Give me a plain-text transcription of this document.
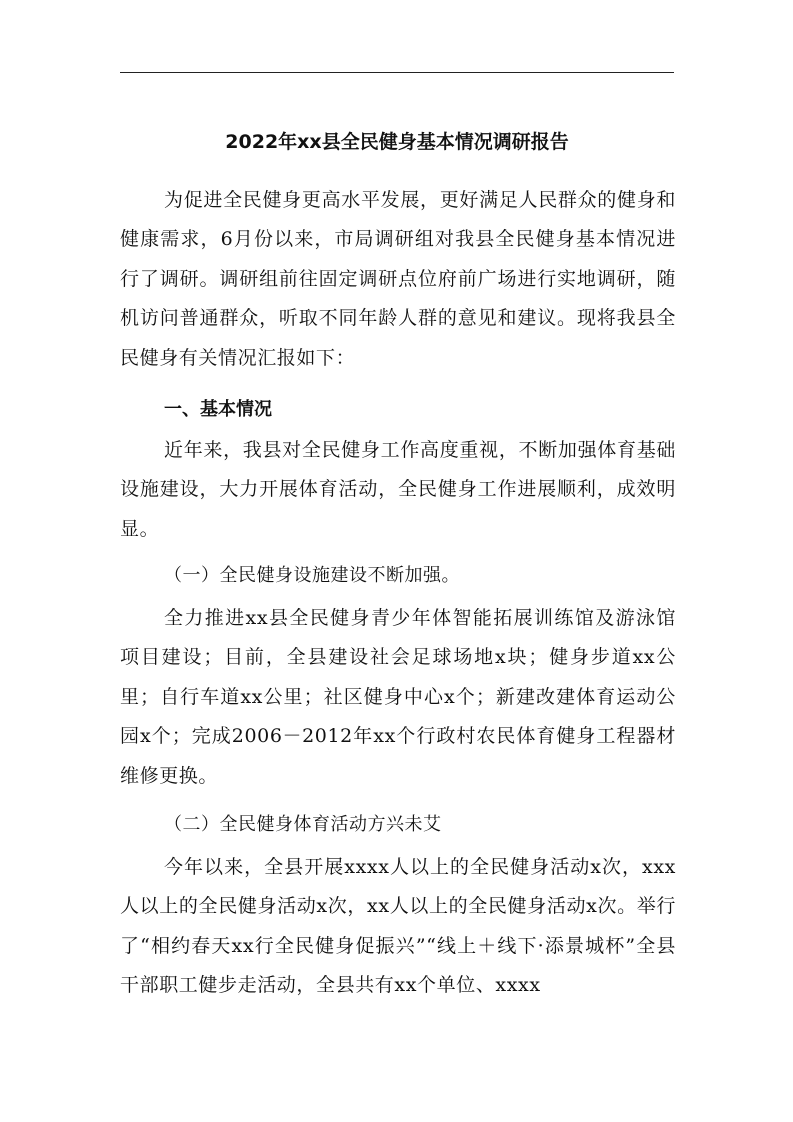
2022年xx县全民健身基本情况调研报告
为促进全民健身更高水平发展，更好满足人民群众的健身和健康需求，6月份以来，市局调研组对我县全民健身基本情况进行了调研。调研组前往固定调研点位府前广场进行实地调研，随机访问普通群众，听取不同年龄人群的意见和建议。现将我县全民健身有关情况汇报如下：
一、基本情况
近年来，我县对全民健身工作高度重视，不断加强体育基础设施建设，大力开展体育活动，全民健身工作进展顺利，成效明显。
（一）全民健身设施建设不断加强。
全力推进xx县全民健身青少年体智能拓展训练馆及游泳馆项目建设；目前，全县建设社会足球场地x块；健身步道xx公里；自行车道xx公里；社区健身中心x个；新建改建体育运动公园x个；完成2006－2012年xx个行政村农民体育健身工程器材维修更换。
（二）全民健身体育活动方兴未艾
今年以来，全县开展xxxx人以上的全民健身活动x次，xxx人以上的全民健身活动x次，xx人以上的全民健身活动x次。举行了“相约春天xx行全民健身促振兴”“线上＋线下·添景城杯”全县干部职工健步走活动，全县共有xx个单位、xxxx
